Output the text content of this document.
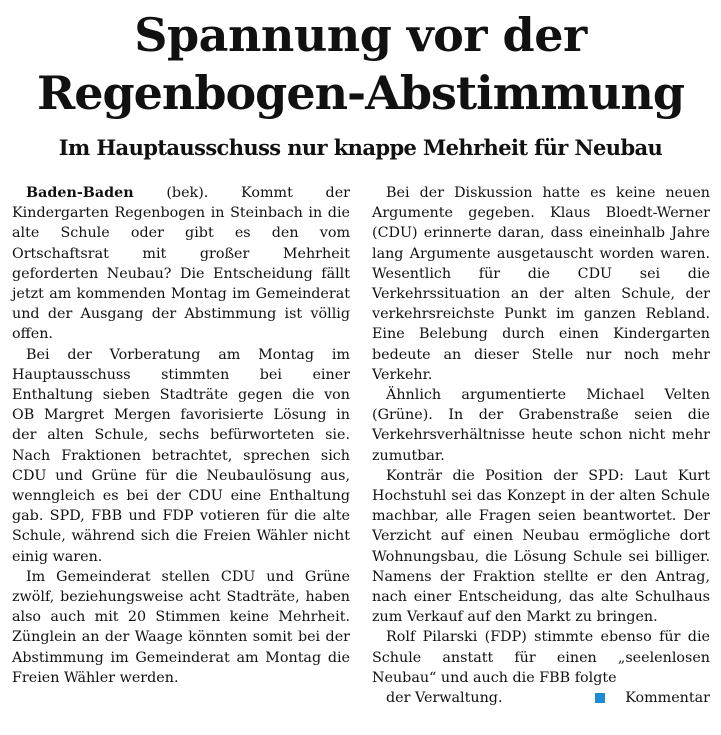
Spannung vor der
Regenbogen-Abstimmung
Im Hauptausschuss nur knappe Mehrheit für Neubau

Baden-Baden (bek). Kommt der Kindergarten Regenbogen in Steinbach in die alte Schule oder gibt es den vom Ortschaftsrat mit großer Mehrheit geforderten Neubau? Die Entscheidung fällt jetzt am kommenden Montag im Gemeinderat und der Ausgang der Abstimmung ist völlig offen.

Bei der Vorberatung am Montag im Hauptausschuss stimmten bei einer Enthaltung sieben Stadträte gegen die von OB Margret Mergen favorisierte Lösung in der alten Schule, sechs befürworteten sie. Nach Fraktionen betrachtet, sprechen sich CDU und Grüne für die Neubaulösung aus, wenngleich es bei der CDU eine Enthaltung gab. SPD, FBB und FDP votieren für die alte Schule, während sich die Freien Wähler nicht einig waren.

Im Gemeinderat stellen CDU und Grüne zwölf, beziehungsweise acht Stadträte, haben also auch mit 20 Stimmen keine Mehrheit. Zünglein an der Waage könnten somit bei der Abstimmung im Gemeinderat am Montag die Freien Wähler werden.

Bei der Diskussion hatte es keine neuen Argumente gegeben. Klaus Bloedt-Werner (CDU) erinnerte daran, dass eineinhalb Jahre lang Argumente ausgetauscht worden waren. Wesentlich für die CDU sei die Verkehrssituation an der alten Schule, der verkehrsreichste Punkt im ganzen Rebland. Eine Belebung durch einen Kindergarten bedeute an dieser Stelle nur noch mehr Verkehr.

Ähnlich argumentierte Michael Velten (Grüne). In der Grabenstraße seien die Verkehrsverhältnisse heute schon nicht mehr zumutbar.

Konträr die Position der SPD: Laut Kurt Hochstuhl sei das Konzept in der alten Schule machbar, alle Fragen seien beantwortet. Der Verzicht auf einen Neubau ermögliche dort Wohnungsbau, die Lösung Schule sei billiger. Namens der Fraktion stellte er den Antrag, nach einer Entscheidung, das alte Schulhaus zum Verkauf auf den Markt zu bringen.

Rolf Pilarski (FDP) stimmte ebenso für die Schule anstatt für einen „seelenlosen Neubau“ und auch die FBB folgte

der Verwaltung.	Kommentar
